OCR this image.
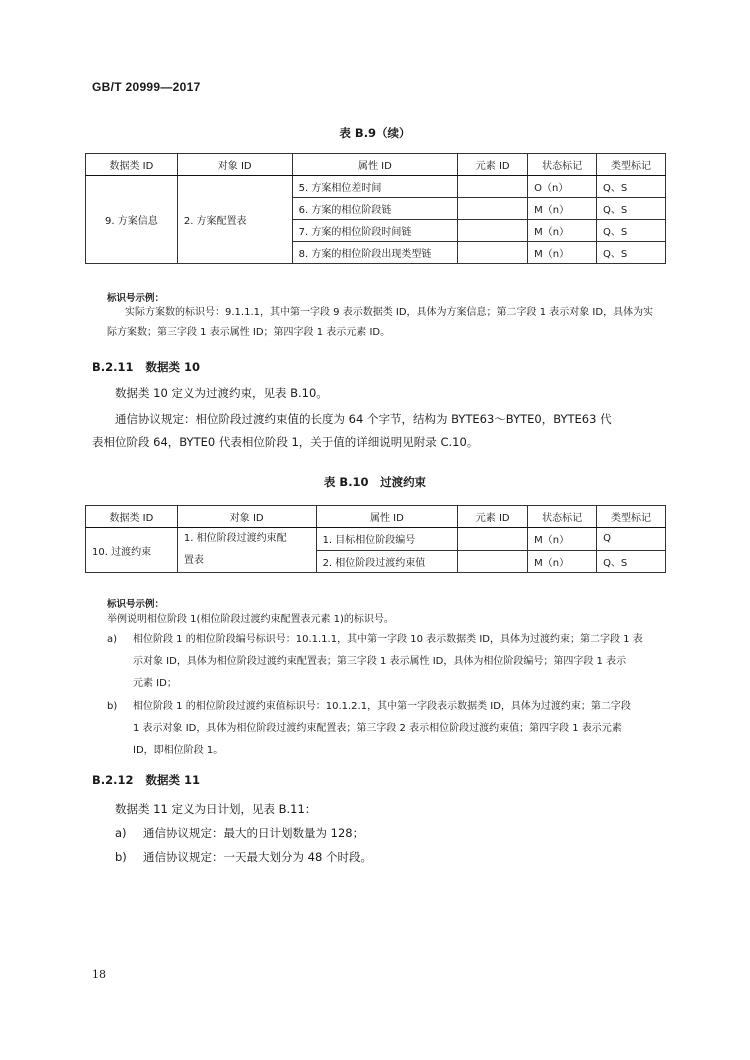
GB/T 20999—2017
表 B.9（续）
数据类 ID	对象 ID	属性 ID	元素 ID	状态标记	类型标记
9. 方案信息	2. 方案配置表	5. 方案相位差时间		O（n）	Q、S
		6. 方案的相位阶段链		M（n）	Q、S
		7. 方案的相位阶段时间链		M（n）	Q、S
		8. 方案的相位阶段出现类型链		M（n）	Q、S
标识号示例：
实际方案数的标识号：9.1.1.1，其中第一字段 9 表示数据类 ID，具体为方案信息；第二字段 1 表示对象 ID，具体为实
际方案数；第三字段 1 表示属性 ID；第四字段 1 表示元素 ID。
B.2.11 数据类 10
数据类 10 定义为过渡约束，见表 B.10。
通信协议规定：相位阶段过渡约束值的长度为 64 个字节，结构为 BYTE63～BYTE0，BYTE63 代
表相位阶段 64，BYTE0 代表相位阶段 1，关于值的详细说明见附录 C.10。
表 B.10　过渡约束
数据类 ID	对象 ID	属性 ID	元素 ID	状态标记	类型标记
10. 过渡约束	1. 相位阶段过渡约束配
置表	1. 目标相位阶段编号		M（n）	Q
		2. 相位阶段过渡约束值		M（n）	Q、S
标识号示例：
举例说明相位阶段 1(相位阶段过渡约束配置表元素 1)的标识号。
a)	相位阶段 1 的相位阶段编号标识号：10.1.1.1，其中第一字段 10 表示数据类 ID，具体为过渡约束；第二字段 1 表
示对象 ID，具体为相位阶段过渡约束配置表；第三字段 1 表示属性 ID，具体为相位阶段编号；第四字段 1 表示
元素 ID；
b)	相位阶段 1 的相位阶段过渡约束值标识号：10.1.2.1，其中第一字段表示数据类 ID，具体为过渡约束；第二字段
1 表示对象 ID，具体为相位阶段过渡约束配置表；第三字段 2 表示相位阶段过渡约束值；第四字段 1 表示元素
ID，即相位阶段 1。
B.2.12 数据类 11
数据类 11 定义为日计划，见表 B.11：
a) 通信协议规定：最大的日计划数量为 128；
b) 通信协议规定：一天最大划分为 48 个时段。
18
